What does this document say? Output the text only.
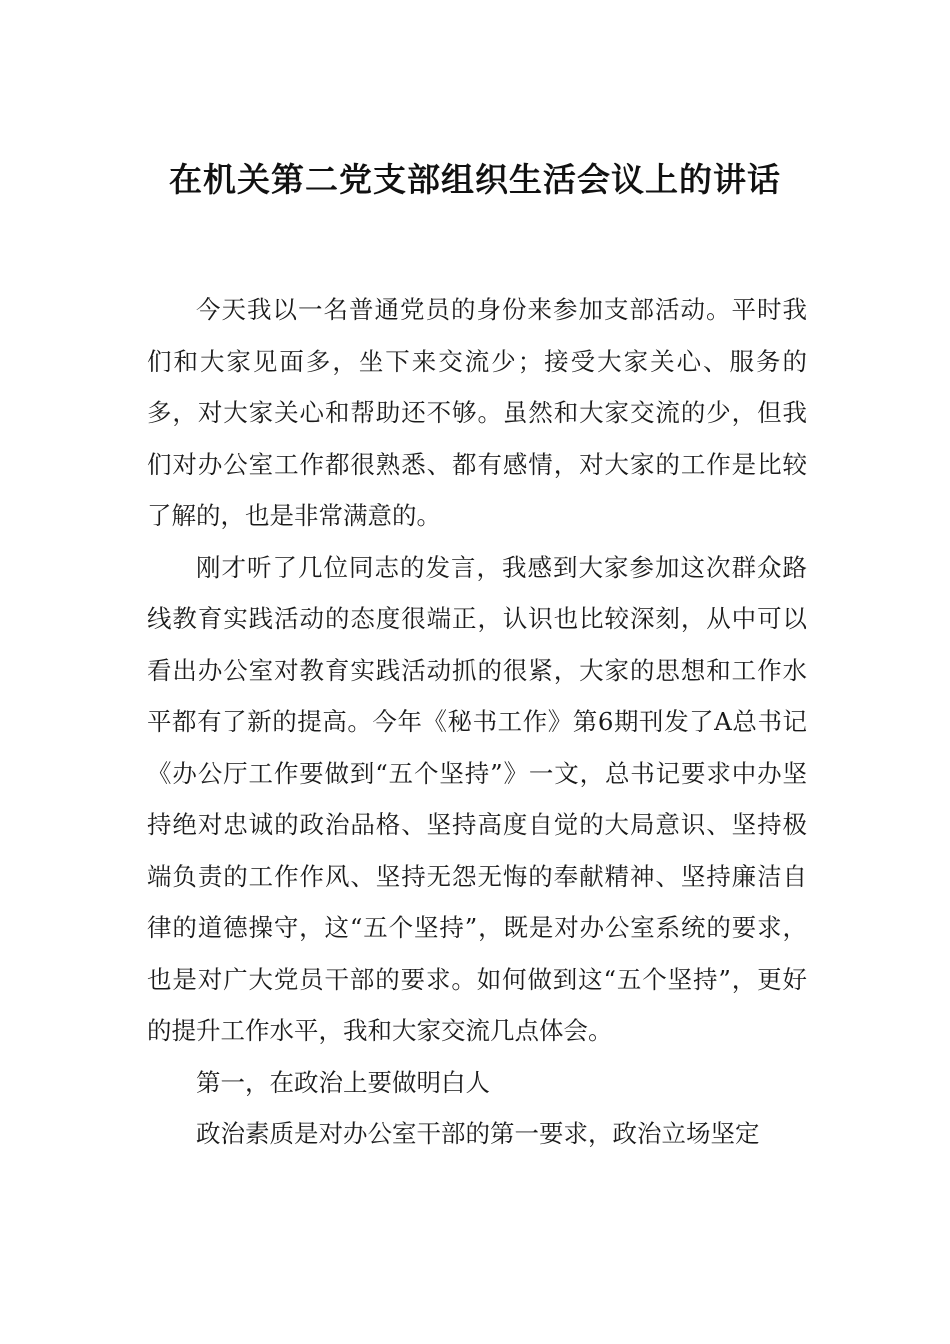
在机关第二党支部组织生活会议上的讲话

今天我以一名普通党员的身份来参加支部活动。平时我们和大家见面多，坐下来交流少；接受大家关心、服务的多，对大家关心和帮助还不够。虽然和大家交流的少，但我们对办公室工作都很熟悉、都有感情，对大家的工作是比较了解的，也是非常满意的。

刚才听了几位同志的发言，我感到大家参加这次群众路线教育实践活动的态度很端正，认识也比较深刻，从中可以看出办公室对教育实践活动抓的很紧，大家的思想和工作水平都有了新的提高。今年《秘书工作》第6期刊发了A总书记《办公厅工作要做到“五个坚持”》一文，总书记要求中办坚持绝对忠诚的政治品格、坚持高度自觉的大局意识、坚持极端负责的工作作风、坚持无怨无悔的奉献精神、坚持廉洁自律的道德操守，这“五个坚持”，既是对办公室系统的要求，也是对广大党员干部的要求。如何做到这“五个坚持”，更好的提升工作水平，我和大家交流几点体会。

第一，在政治上要做明白人

政治素质是对办公室干部的第一要求，政治立场坚定
